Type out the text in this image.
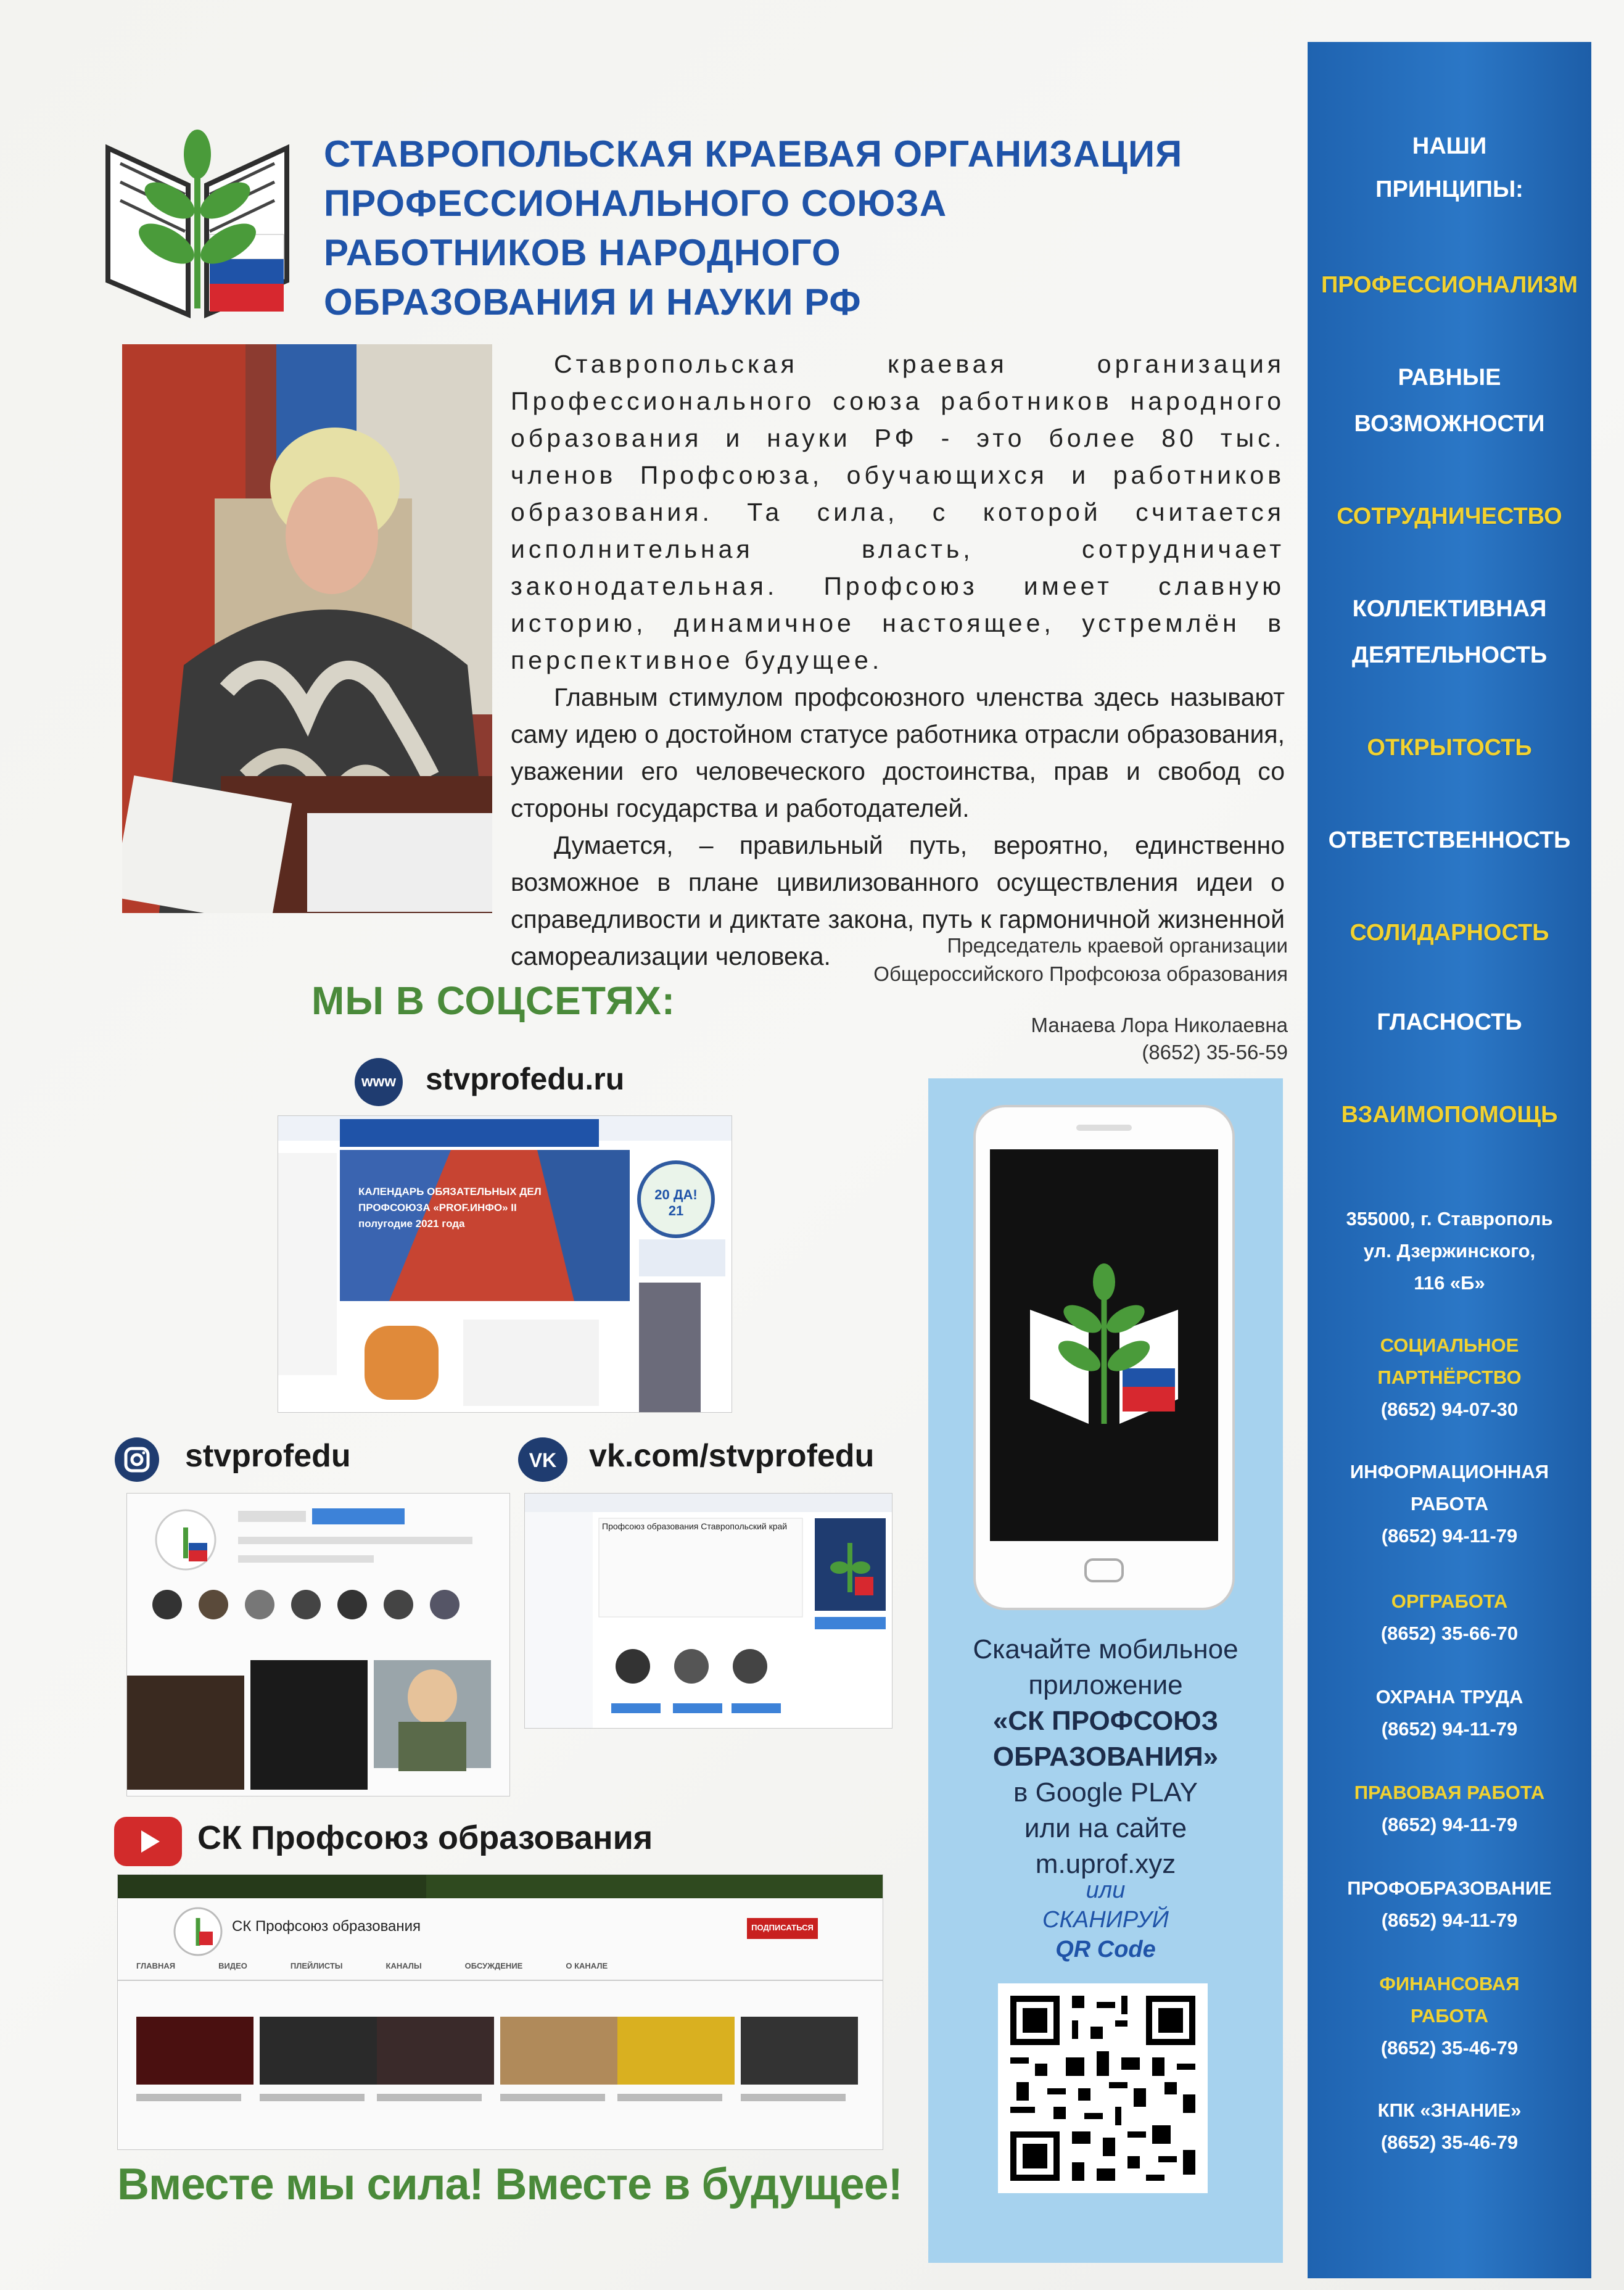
СТАВРОПОЛЬСКАЯ КРАЕВАЯ ОРГАНИЗАЦИЯ
ПРОФЕССИОНАЛЬНОГО СОЮЗА
РАБОТНИКОВ НАРОДНОГО
ОБРАЗОВАНИЯ И НАУКИ РФ

Ставропольская краевая организация Профессионального союза работников народного образования и науки РФ - это более 80 тыс. членов Профсоюза, обучающихся и работников образования. Та сила, с которой считается исполнительная власть, сотрудничает законодательная. Профсоюз имеет славную историю, динамичное настоящее, устремлён в перспективное будущее.

Главным стимулом профсоюзного членства здесь называют саму идею о достойном статусе работника отрасли образования, уважении его человеческого достоинства, прав и свобод со стороны государства и работодателей.

Думается, – правильный путь, вероятно, единственно возможное в плане цивилизованного осуществления идеи о справедливости и диктате закона, путь к гармоничной жизненной самореализации человека.	Председатель краевой организации
Общероссийского Профсоюза образования
Манаева Лора Николаевна
(8652) 35-56-59
МЫ В СОЦСЕТЯХ:
www stvprofedu.ru
КАЛЕНДАРЬ ОБЯЗАТЕЛЬНЫХ ДЕЛ ПРОФСОЮЗА «PROF.ИНФО» II полугодие 2021 года
20 ДА! 21
stvprofedu	VK vk.com/stvprofedu
Профсоюз образования Ставропольский край
СК Профсоюз образования
СК Профсоюз образования	ПОДПИСАТЬСЯ
ГЛАВНАЯ	ВИДЕО	ПЛЕЙЛИСТЫ	КАНАЛЫ	ОБСУЖДЕНИЕ	О КАНАЛЕ
Вместе мы сила! Вместе в будущее!
Скачайте мобильное
приложение
«СК ПРОФСОЮЗ
ОБРАЗОВАНИЯ»
в Google PLAY
или на сайте
m.uprof.xyz
или
СКАНИРУЙ
QR Code
НАШИ
ПРИНЦИПЫ:
ПРОФЕССИОНАЛИЗМ
РАВНЫЕ
ВОЗМОЖНОСТИ
СОТРУДНИЧЕСТВО
КОЛЛЕКТИВНАЯ
ДЕЯТЕЛЬНОСТЬ
ОТКРЫТОСТЬ
ОТВЕТСТВЕННОСТЬ
СОЛИДАРНОСТЬ
ГЛАСНОСТЬ
ВЗАИМОПОМОЩЬ
355000, г. Ставрополь
ул. Дзержинского,
116 «Б»
СОЦИАЛЬНОЕ
ПАРТНЁРСТВО
(8652) 94-07-30
ИНФОРМАЦИОННАЯ
РАБОТА
(8652) 94-11-79
ОРГРАБОТА
(8652) 35-66-70
ОХРАНА ТРУДА
(8652) 94-11-79
ПРАВОВАЯ РАБОТА
(8652) 94-11-79
ПРОФОБРАЗОВАНИЕ
(8652) 94-11-79
ФИНАНСОВАЯ
РАБОТА
(8652) 35-46-79
КПК «ЗНАНИЕ»
(8652) 35-46-79
